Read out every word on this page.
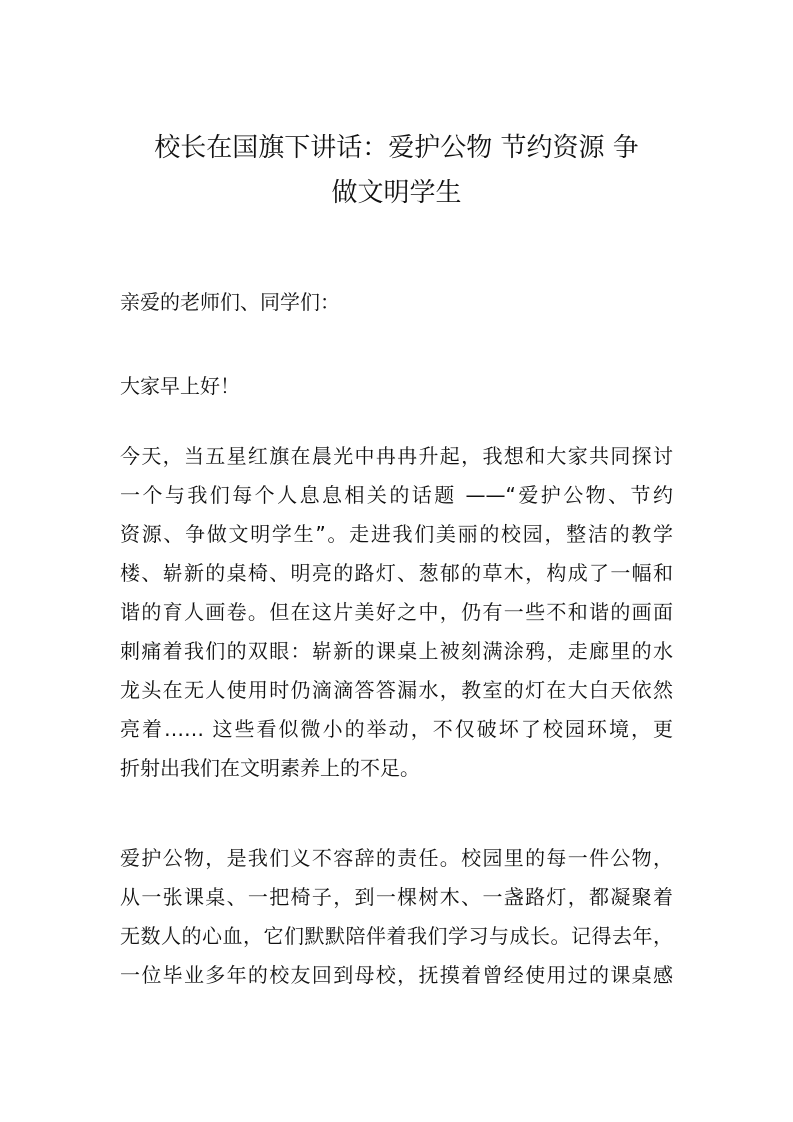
校长在国旗下讲话：爱护公物 节约资源 争
做文明学生
亲爱的老师们、同学们：
大家早上好！
今天，当五星红旗在晨光中冉冉升起，我想和大家共同探讨
一个与我们每个人息息相关的话题 ——“爱护公物、节约
资源、争做文明学生”。走进我们美丽的校园，整洁的教学
楼、崭新的桌椅、明亮的路灯、葱郁的草木，构成了一幅和
谐的育人画卷。但在这片美好之中，仍有一些不和谐的画面
刺痛着我们的双眼：崭新的课桌上被刻满涂鸦，走廊里的水
龙头在无人使用时仍滴滴答答漏水，教室的灯在大白天依然
亮着…… 这些看似微小的举动，不仅破坏了校园环境，更
折射出我们在文明素养上的不足。
爱护公物，是我们义不容辞的责任。校园里的每一件公物，
从一张课桌、一把椅子，到一棵树木、一盏路灯，都凝聚着
无数人的心血，它们默默陪伴着我们学习与成长。记得去年，
一位毕业多年的校友回到母校，抚摸着曾经使用过的课桌感
